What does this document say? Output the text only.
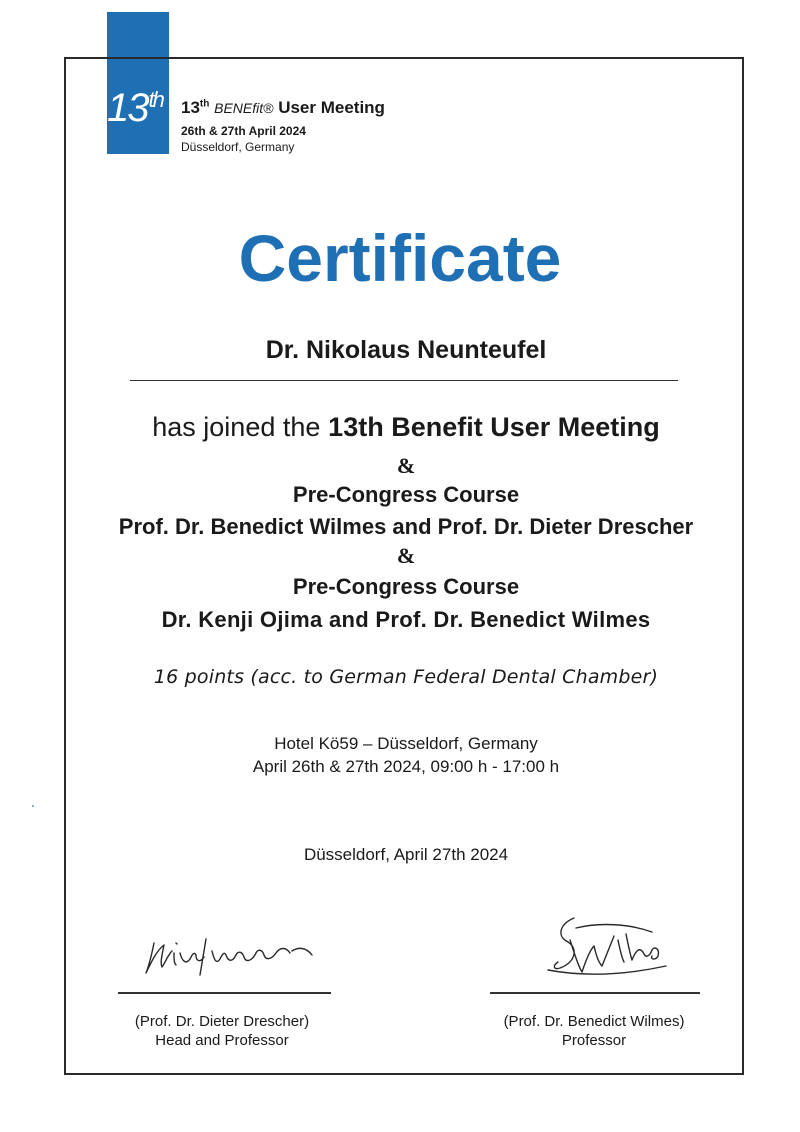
13th	13th BENEfit® User Meeting
26th & 27th April 2024
Düsseldorf, Germany
Certificate
Dr. Nikolaus Neunteufel
has joined the 13th Benefit User Meeting
&
Pre-Congress Course
Prof. Dr. Benedict Wilmes and Prof. Dr. Dieter Drescher
&
Pre-Congress Course
Dr. Kenji Ojima and Prof. Dr. Benedict Wilmes
16 points (acc. to German Federal Dental Chamber)
Hotel Kö59 – Düsseldorf, Germany
April 26th & 27th 2024, 09:00 h - 17:00 h
Düsseldorf, April 27th 2024
(Prof. Dr. Dieter Drescher)
Head and Professor
(Prof. Dr. Benedict Wilmes)
Professor
